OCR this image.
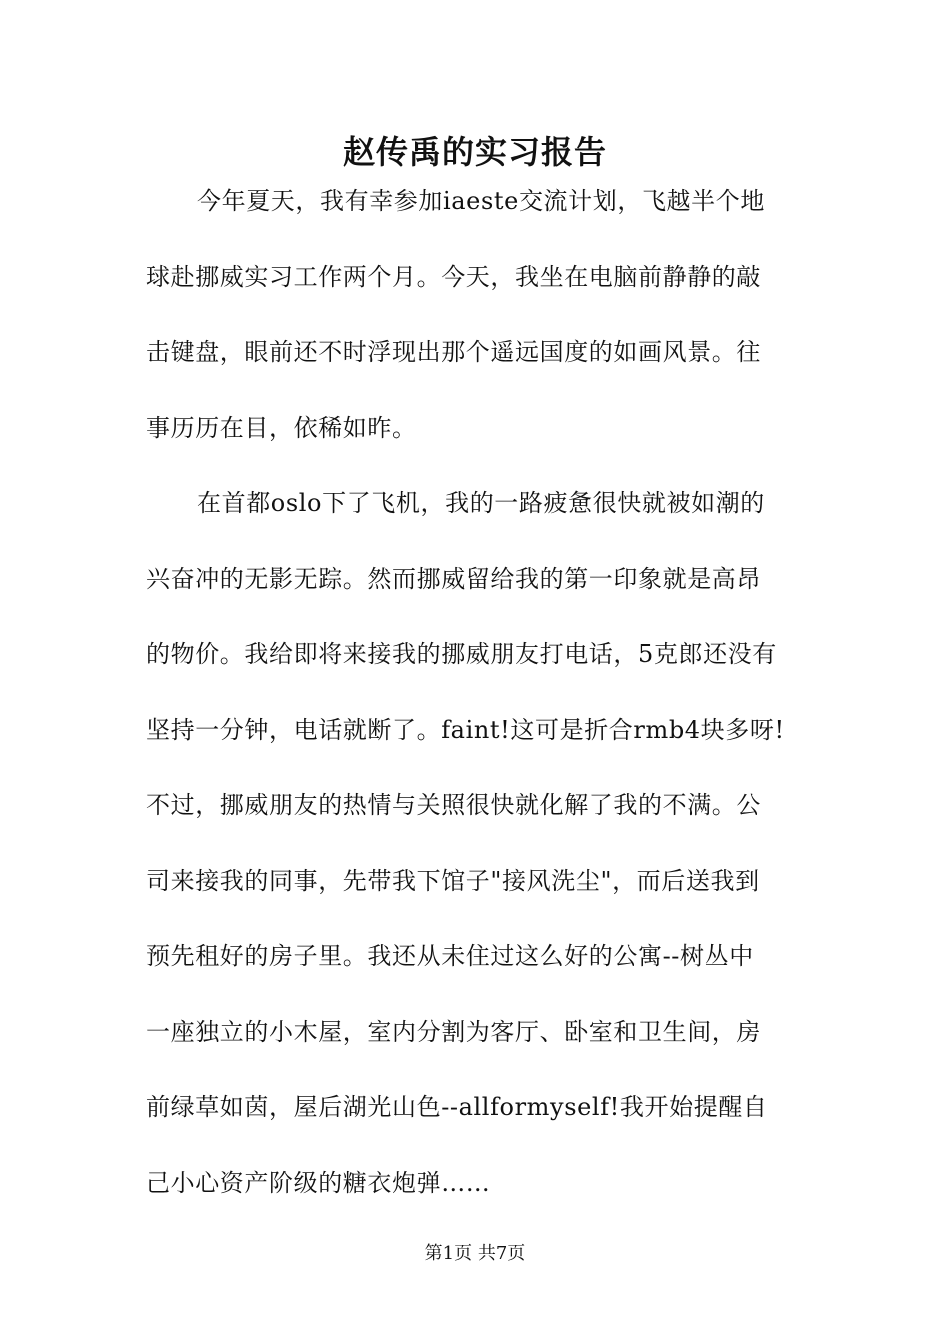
赵传禹的实习报告
今年夏天，我有幸参加iaeste交流计划，飞越半个地
球赴挪威实习工作两个月。今天，我坐在电脑前静静的敲
击键盘，眼前还不时浮现出那个遥远国度的如画风景。往
事历历在目，依稀如昨。
在首都oslo下了飞机，我的一路疲惫很快就被如潮的
兴奋冲的无影无踪。然而挪威留给我的第一印象就是高昂
的物价。我给即将来接我的挪威朋友打电话，5克郎还没有
坚持一分钟，电话就断了。faint!这可是折合rmb4块多呀!
不过，挪威朋友的热情与关照很快就化解了我的不满。公
司来接我的同事，先带我下馆子"接风洗尘"，而后送我到
预先租好的房子里。我还从未住过这么好的公寓--树丛中
一座独立的小木屋，室内分割为客厅、卧室和卫生间，房
前绿草如茵，屋后湖光山色--allformyself!我开始提醒自
己小心资产阶级的糖衣炮弹……
第1页 共7页
